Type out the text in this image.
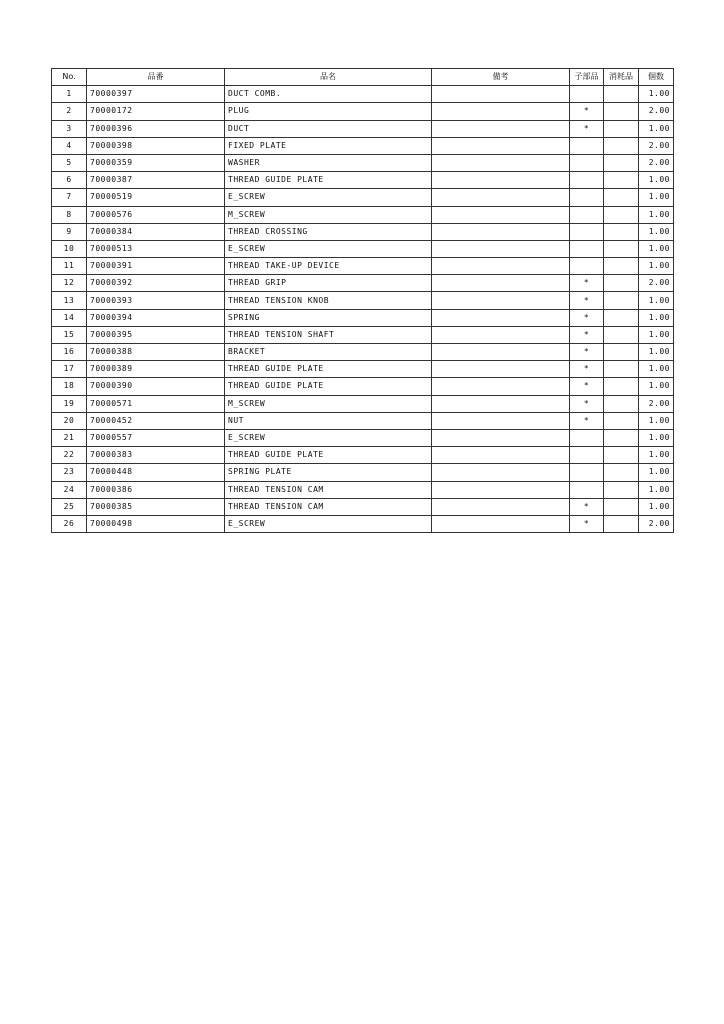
No.	品番	品名	備考	子部品	消耗品	個数
1	70000397	DUCT COMB.				1.00
2	70000172	PLUG		*		2.00
3	70000396	DUCT		*		1.00
4	70000398	FIXED PLATE				2.00
5	70000359	WASHER				2.00
6	70000387	THREAD GUIDE PLATE				1.00
7	70000519	E_SCREW				1.00
8	70000576	M_SCREW				1.00
9	70000384	THREAD CROSSING				1.00
10	70000513	E_SCREW				1.00
11	70000391	THREAD TAKE-UP DEVICE				1.00
12	70000392	THREAD GRIP		*		2.00
13	70000393	THREAD TENSION KNOB		*		1.00
14	70000394	SPRING		*		1.00
15	70000395	THREAD TENSION SHAFT		*		1.00
16	70000388	BRACKET		*		1.00
17	70000389	THREAD GUIDE PLATE		*		1.00
18	70000390	THREAD GUIDE PLATE		*		1.00
19	70000571	M_SCREW		*		2.00
20	70000452	NUT		*		1.00
21	70000557	E_SCREW				1.00
22	70000383	THREAD GUIDE PLATE				1.00
23	70000448	SPRING PLATE				1.00
24	70000386	THREAD TENSION CAM				1.00
25	70000385	THREAD TENSION CAM		*		1.00
26	70000498	E_SCREW		*		2.00
